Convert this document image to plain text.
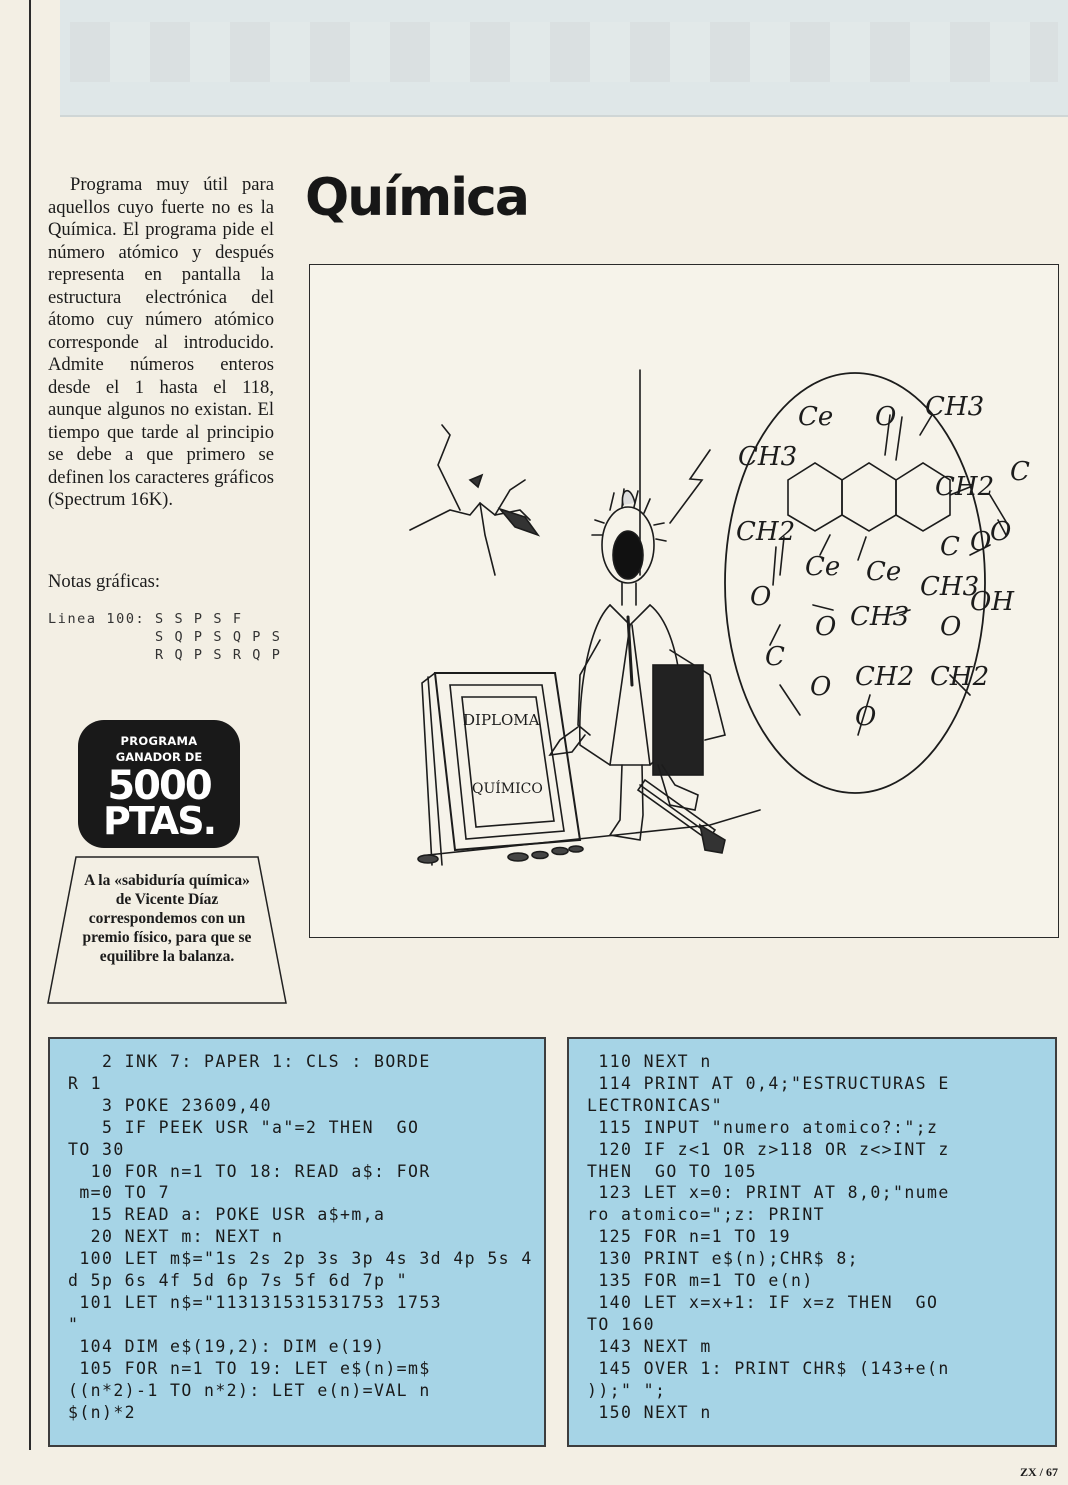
Programa muy útil para aquellos cuyo fuerte no es la Química. El programa pide el número atómico y después representa en pantalla la estructura electrónica del átomo cuy número atómico corresponde al introducido. Admite números enteros desde el 1 hasta el 118, aunque algunos no existan. El tiempo que tarde al principio se debe a que primero se definen los caracteres gráficos (Spectrum 16K).
Química
Notas gráficas:
Linea 100: S S P S F
S Q P S Q P S
R Q P S R Q P
PROGRAMA
GANADOR DE
5000
PTAS.
A la «sabiduría química» de Vicente Díaz correspondemos con un premio físico, para que se equilibre la balanza.
DIPLOMA
QUÍMICO
Ce O CH3
CH3
CH2 C
CH2	O
C O
Ce Ce CH3
OH
O
O CH3 O
C
O CH2 CH2
O
2 INK 7: PAPER 1: CLS : BORDE
R 1
3 POKE 23609,40
5 IF PEEK USR "a"=2 THEN  GO
TO 30
10 FOR n=1 TO 18: READ a$: FOR
m=0 TO 7
15 READ a: POKE USR a$+m,a
20 NEXT m: NEXT n
100 LET m$="1s 2s 2p 3s 3p 4s 3d 4p 5s 4
d 5p 6s 4f 5d 6p 7s 5f 6d 7p "
101 LET n$="113131531531753 1753
"
104 DIM e$(19,2): DIM e(19)
105 FOR n=1 TO 19: LET e$(n)=m$
((n*2)-1 TO n*2): LET e(n)=VAL n
$(n)*2
110 NEXT n
114 PRINT AT 0,4;"ESTRUCTURAS E
LECTRONICAS"
115 INPUT "numero atomico?:";z
120 IF z<1 OR z>118 OR z<>INT z
THEN  GO TO 105
123 LET x=0: PRINT AT 8,0;"nume
ro atomico=";z: PRINT
125 FOR n=1 TO 19
130 PRINT e$(n);CHR$ 8;
135 FOR m=1 TO e(n)
140 LET x=x+1: IF x=z THEN  GO
TO 160
143 NEXT m
145 OVER 1: PRINT CHR$ (143+e(n
));" ";
150 NEXT n
ZX / 67
